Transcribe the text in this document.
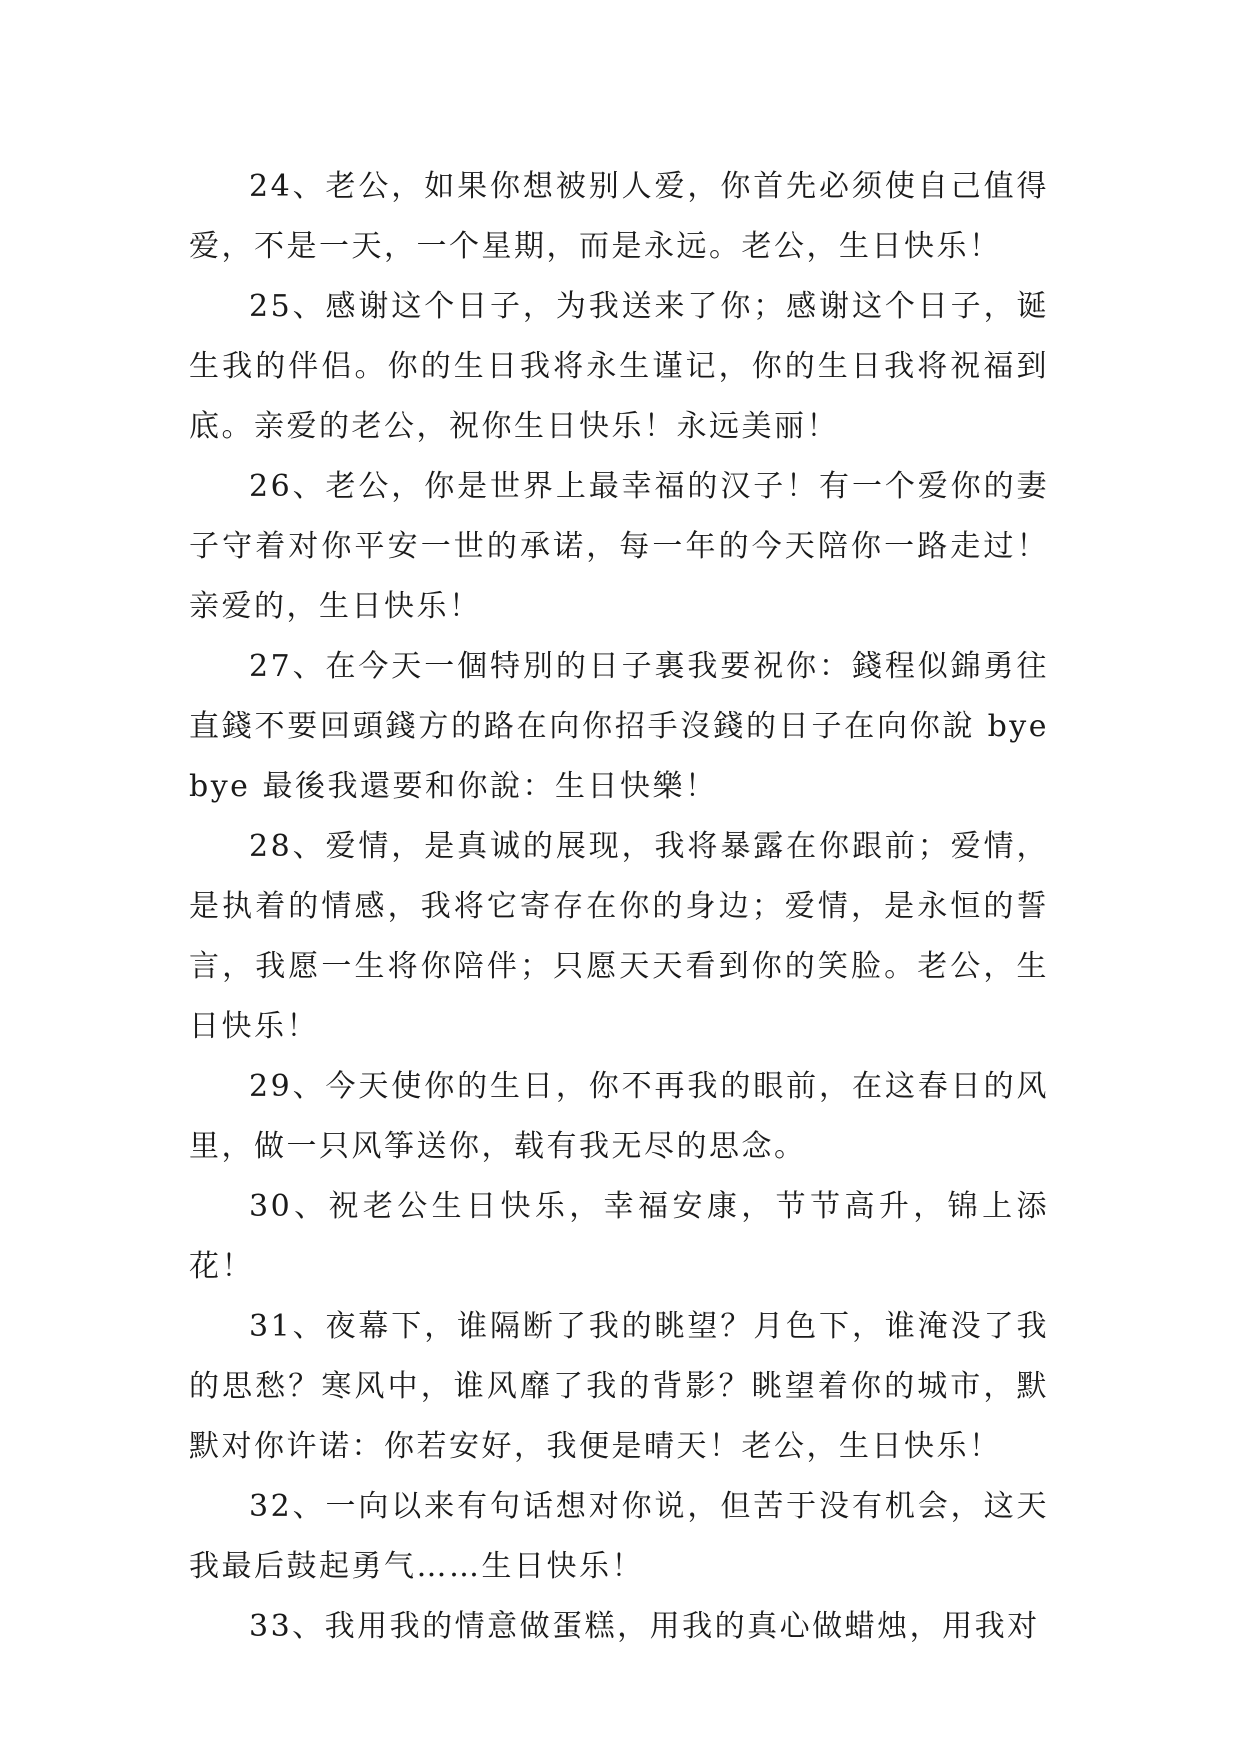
24、老公，如果你想被别人爱，你首先必须使自己值得爱，不是一天，一个星期，而是永远。老公，生日快乐！

25、感谢这个日子，为我送来了你；感谢这个日子，诞生我的伴侣。你的生日我将永生谨记，你的生日我将祝福到底。亲爱的老公，祝你生日快乐！永远美丽！

26、老公，你是世界上最幸福的汉子！有一个爱你的妻子守着对你平安一世的承诺，每一年的今天陪你一路走过！亲爱的，生日快乐！

27、在今天一個特別的日子裏我要祝你：錢程似錦勇往直錢不要回頭錢方的路在向你招手沒錢的日子在向你說 byebye 最後我還要和你說：生日快樂！

28、爱情，是真诚的展现，我将暴露在你跟前；爱情，是执着的情感，我将它寄存在你的身边；爱情，是永恒的誓言，我愿一生将你陪伴；只愿天天看到你的笑脸。老公，生日快乐！

29、今天使你的生日，你不再我的眼前，在这春日的风里，做一只风筝送你，载有我无尽的思念。

30、祝老公生日快乐，幸福安康，节节高升，锦上添花！

31、夜幕下，谁隔断了我的眺望？月色下，谁淹没了我的思愁？寒风中，谁风靡了我的背影？眺望着你的城市，默默对你许诺：你若安好，我便是晴天！老公，生日快乐！

32、一向以来有句话想对你说，但苦于没有机会，这天我最后鼓起勇气……生日快乐！

33、我用我的情意做蛋糕，用我的真心做蜡烛，用我对
